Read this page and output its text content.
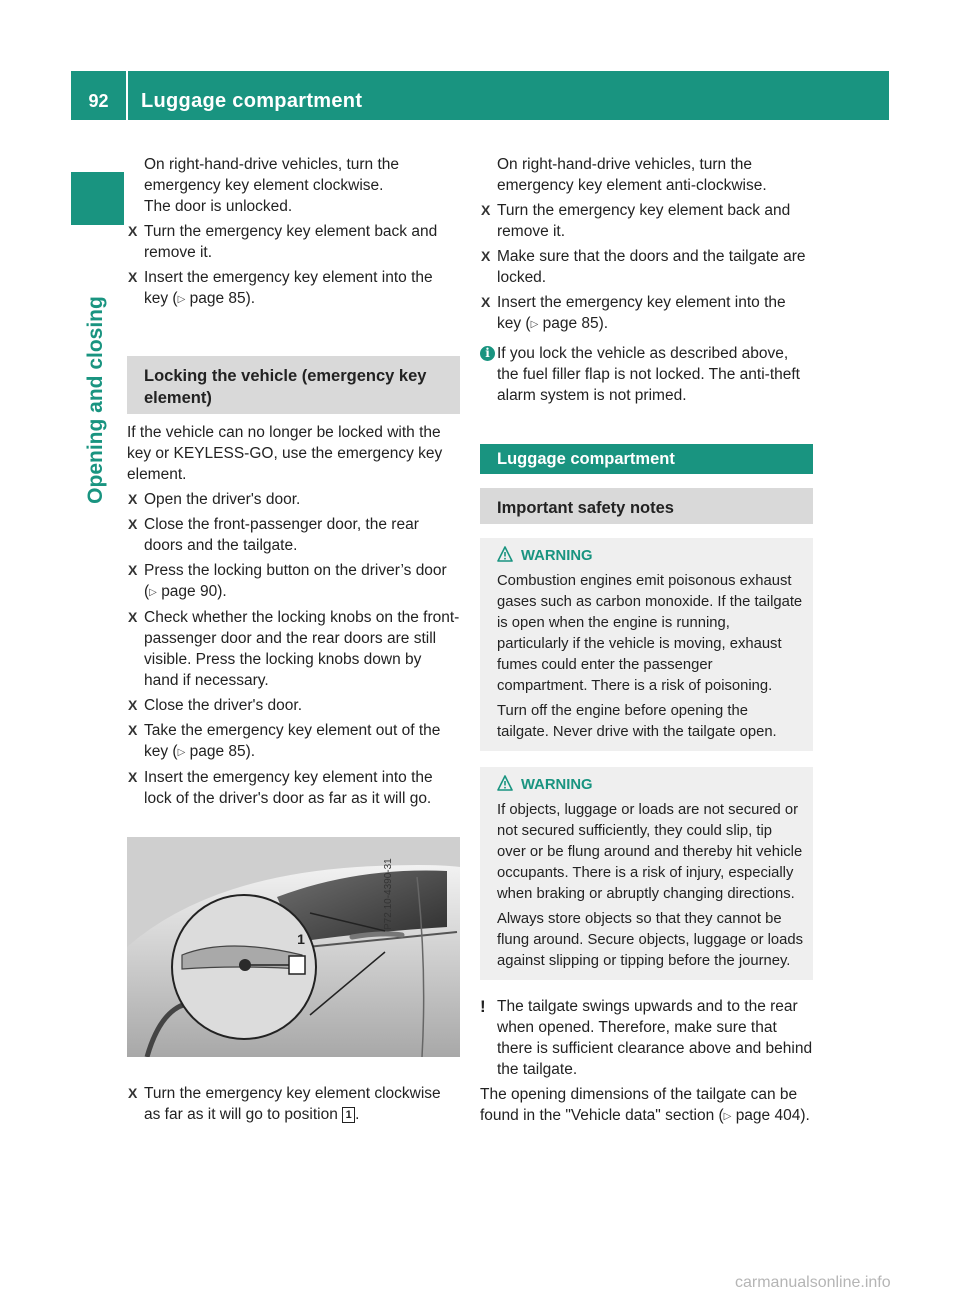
92	Luggage compartment
Opening and closing
On right-hand-drive vehicles, turn the
emergency key element clockwise.
The door is unlocked.
X Turn the emergency key element back and remove it.
X Insert the emergency key element into the key (▷ page 85).
Locking the vehicle (emergency key element)

If the vehicle can no longer be locked with the key or KEYLESS-GO, use the emergency key element.

X Open the driver's door.
X Close the front-passenger door, the rear doors and the tailgate.
X Press the locking button on the driver’s door (▷ page 90).
X Check whether the locking knobs on the front-passenger door and the rear doors are still visible. Press the locking knobs down by hand if necessary.
X Close the driver's door.
X Take the emergency key element out of the key (▷ page 85).
X Insert the emergency key element into the lock of the driver's door as far as it will go.
1
P72.10-4390-31
X Turn the emergency key element clockwise as far as it will go to position 1 .
On right-hand-drive vehicles, turn the
emergency key element anti-clockwise.
X Turn the emergency key element back and remove it.
X Make sure that the doors and the tailgate are locked.
X Insert the emergency key element into the key (▷ page 85).
i If you lock the vehicle as described above, the fuel filler flap is not locked. The anti-theft alarm system is not primed.
Luggage compartment
Important safety notes
WARNING

Combustion engines emit poisonous exhaust gases such as carbon monoxide. If the tailgate is open when the engine is running, particularly if the vehicle is moving, exhaust fumes could enter the passenger compartment. There is a risk of poisoning.

Turn off the engine before opening the tailgate. Never drive with the tailgate open.

WARNING

If objects, luggage or loads are not secured or not secured sufficiently, they could slip, tip over or be flung around and thereby hit vehicle occupants. There is a risk of injury, especially when braking or abruptly changing directions.

Always store objects so that they cannot be flung around. Secure objects, luggage or loads against slipping or tipping before the journey.

! The tailgate swings upwards and to the rear when opened. Therefore, make sure that there is sufficient clearance above and behind the tailgate.

The opening dimensions of the tailgate can be found in the "Vehicle data" section (▷ page 404).

carmanualsonline.info
